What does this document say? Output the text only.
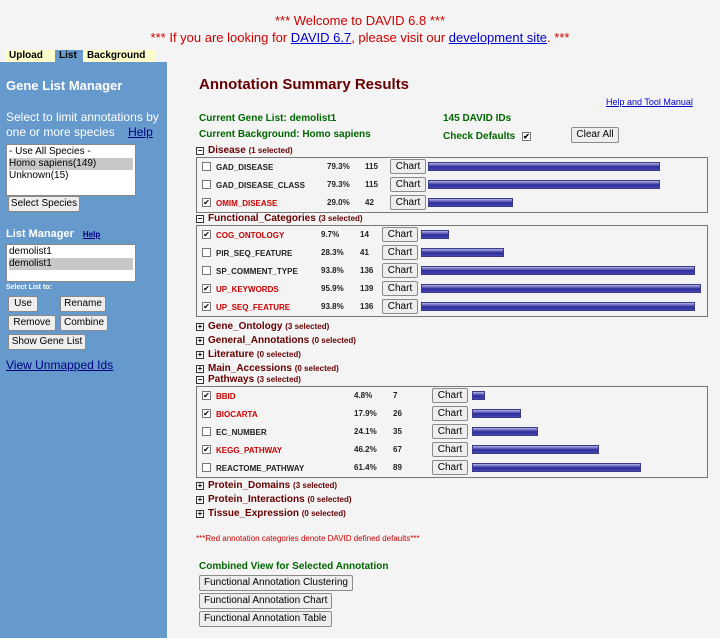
*** Welcome to DAVID 6.8 ***
*** If you are looking for DAVID 6.7, please visit our development site. ***
Upload	List	Background
Gene List Manager
Select to limit annotations by one or more species Help
- Use All Species -
Homo sapiens(149)
Unknown(15)
Select Species
List Manager Help
demolist1
demolist1
Select List to:
Use	Rename
Remove	Combine
Show Gene List
View Unmapped Ids
Annotation Summary Results
Help and Tool Manual
Current Gene List: demolist1
Current Background: Homo sapiens
145 DAVID IDs
Check Defaults ✔	Clear All
− Disease (1 selected)
GAD_DISEASE	79.3% 115	Chart
GAD_DISEASE_CLASS	79.3% 115	Chart
✔ OMIM_DISEASE	29.0% 42	Chart
− Functional_Categories (3 selected)
✔ COG_ONTOLOGY	9.7%	14	Chart
PIR_SEQ_FEATURE	28.3% 41	Chart
SP_COMMENT_TYPE	93.8% 136	Chart
✔ UP_KEYWORDS	95.9% 139	Chart
✔ UP_SEQ_FEATURE	93.8% 136	Chart
+ Gene_Ontology (3 selected)
+ General_Annotations (0 selected)
+ Literature (0 selected)
+ Main_Accessions (0 selected)
− Pathways (3 selected)
✔ BBID	4.8%	7	Chart
✔ BIOCARTA	17.9% 26	Chart
EC_NUMBER	24.1% 35	Chart
✔ KEGG_PATHWAY	46.2% 67	Chart
REACTOME_PATHWAY	61.4% 89	Chart
+ Protein_Domains (3 selected)
+ Protein_Interactions (0 selected)
+ Tissue_Expression (0 selected)
***Red annotation categories denote DAVID defined defaults***
Combined View for Selected Annotation
Functional Annotation Clustering
Functional Annotation Chart
Functional Annotation Table
